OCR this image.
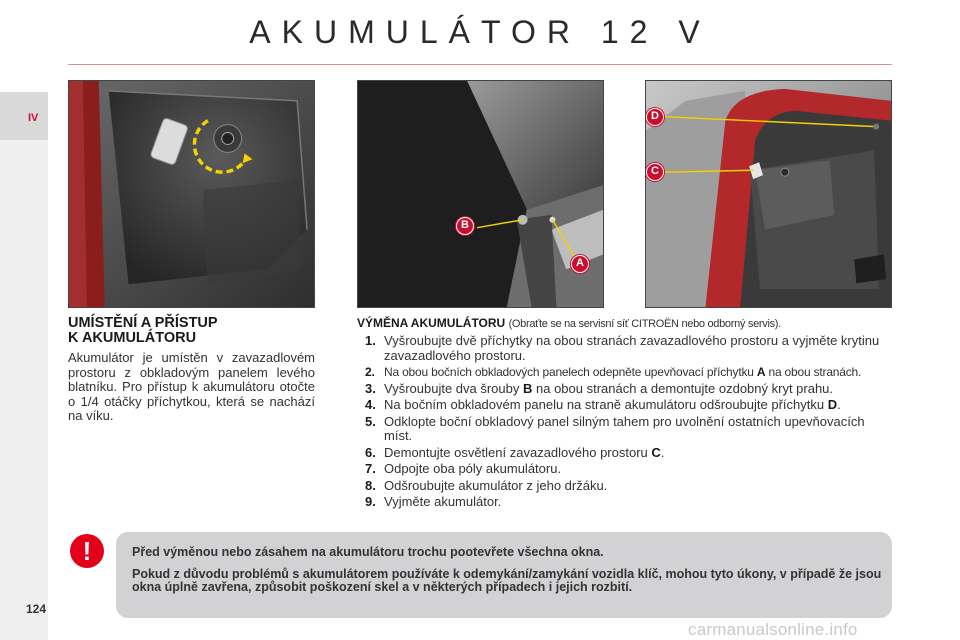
AKUMULÁTOR 12 V
IV
B
A
D
C
UMÍSTĚNÍ A PŘÍSTUP
K AKUMULÁTORU

Akumulátor je umístěn v zavazadlovém prostoru z obkladovým panelem levého blatníku. Pro přístup k akumulátoru otočte o 1/4 otáčky příchytkou, která se nachází na víku.

VÝMĚNA AKUMULÁTORU (Obraťte se na servisní síť CITROËN nebo odborný servis).
1. Vyšroubujte dvě příchytky na obou stranách zavazadlového prostoru a vyjměte krytinu zavazadlového prostoru.
2. Na obou bočních obkladových panelech odepněte upevňovací příchytku A na obou stranách.
3. Vyšroubujte dva šrouby B na obou stranách a demontujte ozdobný kryt prahu.
4. Na bočním obkladovém panelu na straně akumulátoru odšroubujte příchytku D.
5. Odklopte boční obkladový panel silným tahem pro uvolnění ostatních upevňovacích míst.
6. Demontujte osvětlení zavazadlového prostoru C.
7. Odpojte oba póly akumulátoru.
8. Odšroubujte akumulátor z jeho držáku.
9. Vyjměte akumulátor.
!	Před výměnou nebo zásahem na akumulátoru trochu pootevřete všechna okna.

Pokud z důvodu problémů s akumulátorem používáte k odemykání/zamykání vozidla klíč, mohou tyto úkony, v případě že jsou okna úplně zavřena, způsobit poškození skel a v některých případech i jejich rozbití.

124
carmanualsonline.info
